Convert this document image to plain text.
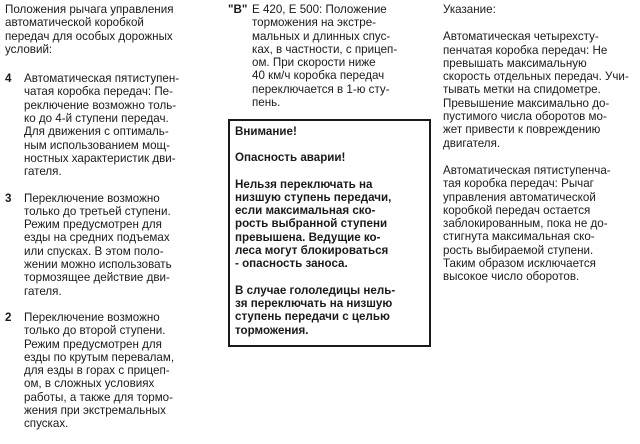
Положения рычага управления
автоматической коробкой
передач для особых дорожных
условий:

4	Автоматическая пятиступен-
чатая коробка передач: Пе-
реключение возможно толь-
ко до 4-й ступени передач.
Для движения с оптималь-
ным использованием мощ-
ностных характеристик дви-
гателя.
3	Переключение возможно
только до третьей ступени.
Режим предусмотрен для
езды на средних подъемах
или спусках. В этом поло-
жении можно использовать
тормозящее действие дви-
гателя.
2	Переключение возможно
только до второй ступени.
Режим предусмотрен для
езды по крутым перевалам,
для езды в горах с прицеп-
ом, в сложных условиях
работы, а также для тормо-
жения при экстремальных
спусках.
"B" E 420, E 500: Положение
торможения на экстре-
мальных и длинных спус-
ках, в частности, с прицеп-
ом. При скорости ниже
40 км/ч коробка передач
переключается в 1-ю сту-
пень.

Внимание!

Опасность аварии!

Нельзя переключать на
низшую ступень передачи,
если максимальная ско-
рость выбранной ступени
превышена. Ведущие ко-
леса могут блокироваться
- опасность заноса.

В случае гололедицы нель-
зя переключать на низшую
ступень передачи с целью
торможения.

Указание:

Автоматическая четырехсту-
пенчатая коробка передач: Не
превышать максимальную
скорость отдельных передач. Учи-
тывать метки на спидометре.
Превышение максимально до-
пустимого числа оборотов мо-
жет привести к повреждению
двигателя.

Автоматическая пятиступенча-
тая коробка передач: Рычаг
управления автоматической
коробкой передач остается
заблокированным, пока не до-
стигнута максимальная ско-
рость выбираемой ступени.
Таким образом исключается
высокое число оборотов.
